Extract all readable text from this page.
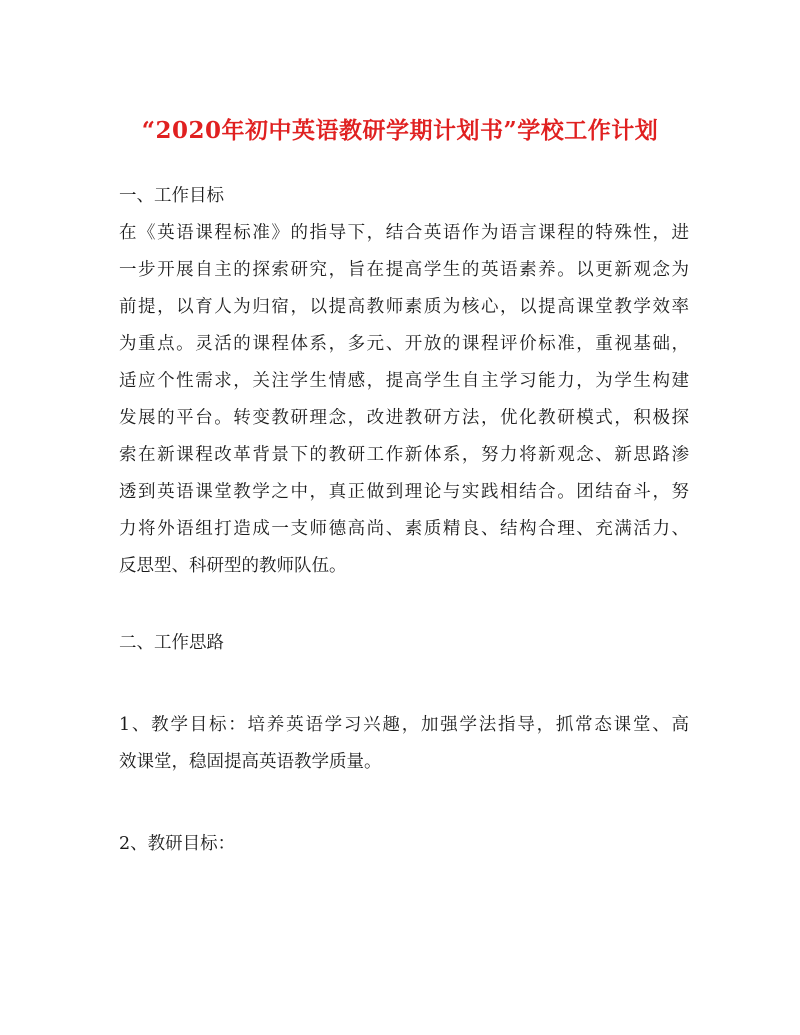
“2020年初中英语教研学期计划书”学校工作计划
一、工作目标
在《英语课程标准》的指导下，结合英语作为语言课程的特殊性，进
一步开展自主的探索研究，旨在提高学生的英语素养。以更新观念为
前提，以育人为归宿，以提高教师素质为核心，以提高课堂教学效率
为重点。灵活的课程体系，多元、开放的课程评价标准，重视基础，
适应个性需求，关注学生情感，提高学生自主学习能力，为学生构建
发展的平台。转变教研理念，改进教研方法，优化教研模式，积极探
索在新课程改革背景下的教研工作新体系，努力将新观念、新思路渗
透到英语课堂教学之中，真正做到理论与实践相结合。团结奋斗，努
力将外语组打造成一支师德高尚、素质精良、结构合理、充满活力、
反思型、科研型的教师队伍。
二、工作思路
1、教学目标：培养英语学习兴趣，加强学法指导，抓常态课堂、高
效课堂，稳固提高英语教学质量。
2、教研目标：
